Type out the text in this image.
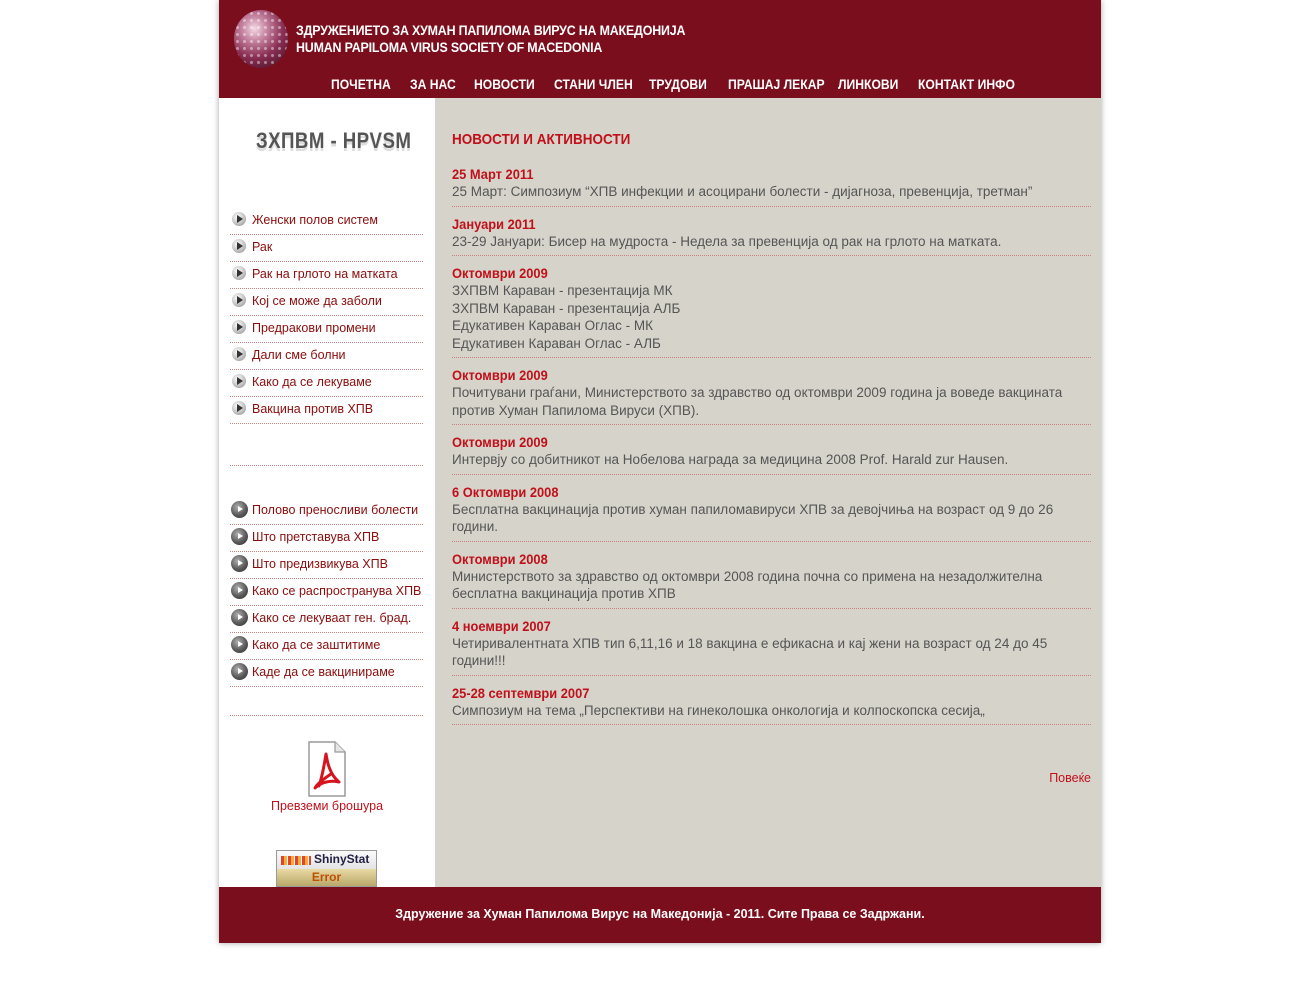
ЗДРУЖЕНИЕТО ЗА ХУМАН ПАПИЛОМА ВИРУС НА МАКЕДОНИЈА
HUMAN PAPILOMA VIRUS SOCIETY OF MACEDONIA
ПОЧЕТНА ЗА НАС НОВОСТИ СТАНИ ЧЛЕН ТРУДОВИ ПРАШАЈ ЛЕКАР ЛИНКОВИ КОНТАКТ ИНФО
ЗХПВМ - HPVSM
Женски полов систем
Рак
Рак на грлото на матката
Кој се може да заболи
Предракови промени
Дали сме болни
Како да се лекуваме
Вакцина против ХПВ
Полово преносливи болести
Што претставува ХПВ
Што предизвикува ХПВ
Како се распространува ХПВ
Како се лекуваат ген. брад.
Како да се заштитиме
Каде да се вакцинираме
Превземи брошура
ShinyStat
Error
НОВОСТИ И АКТИВНОСТИ
25 Март 2011
25 Март: Симпозиум “ХПВ инфекции и асоцирани болести - дијагноза, превенција, третман”
Јануари 2011
23-29 Јануари: Бисер на мудроста - Недела за превенција од рак на грлото на матката.
Октомври 2009
ЗХПВМ Караван - презентација МК
ЗХПВМ Караван - презентација АЛБ
Едукативен Караван Оглас - МК
Едукативен Караван Оглас - АЛБ
Октомври 2009
Почитувани граѓани, Министерството за здравство од октомври 2009 година ја воведе вакцината
против Хуман Папилома Вируси (ХПВ).
Октомври 2009
Интервју со добитникот на Нобелова награда за медицина 2008 Prof. Harald zur Hausen.
6 Октомври 2008
Бесплатна вакцинација против хуман папиломавируси ХПВ за девојчиња на возраст од 9 до 26
години.
Октомври 2008
Министерството за здравство од октомври 2008 година почна со примена на незадолжителна
бесплатна вакцинација против ХПВ
4 ноември 2007
Четиривалентната ХПВ тип 6,11,16 и 18 вакцина е ефикасна и кај жени на возраст од 24 до 45
години!!!
25-28 септември 2007
Симпозиум на тема „Перспективи на гинеколошка онкологија и колпоскопска сесија„
Повеќе
Здружение за Хуман Папилома Вирус на Македонија - 2011. Сите Права се Задржани.
